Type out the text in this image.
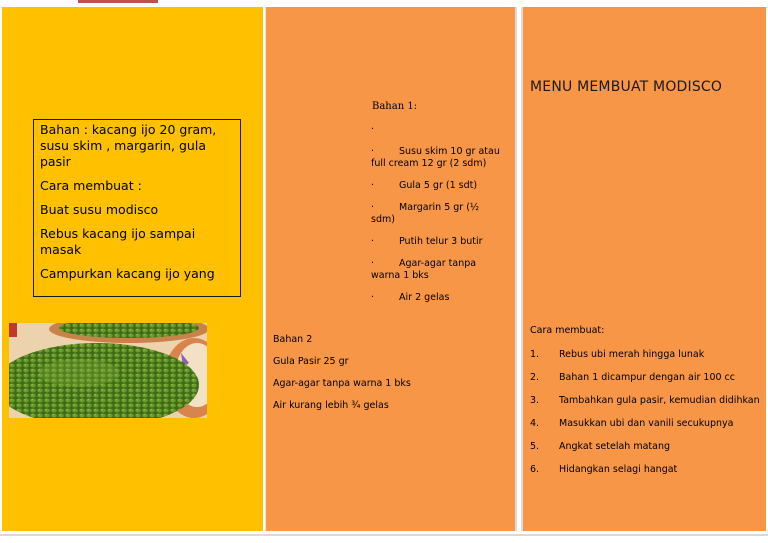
Bahan : kacang ijo 20 gram, susu skim , margarin, gula pasir

Cara membuat :

Buat susu modisco

Rebus kacang ijo sampai masak

Campurkan kacang ijo yang

Bahan 1:
·
·	Susu skim 10 gr atau full cream 12 gr (2 sdm)
·	Gula 5 gr (1 sdt)
·	Margarin 5 gr (½ sdm)
·	Putih telur 3 butir
·	Agar-agar tanpa warna 1 bks
·	Air 2 gelas

Bahan 2

Gula Pasir 25 gr

Agar-agar tanpa warna 1 bks

Air kurang lebih ¾ gelas

MENU MEMBUAT MODISCO
Cara membuat:
1. Rebus ubi merah hingga lunak
2. Bahan 1 dicampur dengan air 100 cc
3. Tambahkan gula pasir, kemudian didihkan
4. Masukkan ubi dan vanili secukupnya
5. Angkat setelah matang
6. Hidangkan selagi hangat
